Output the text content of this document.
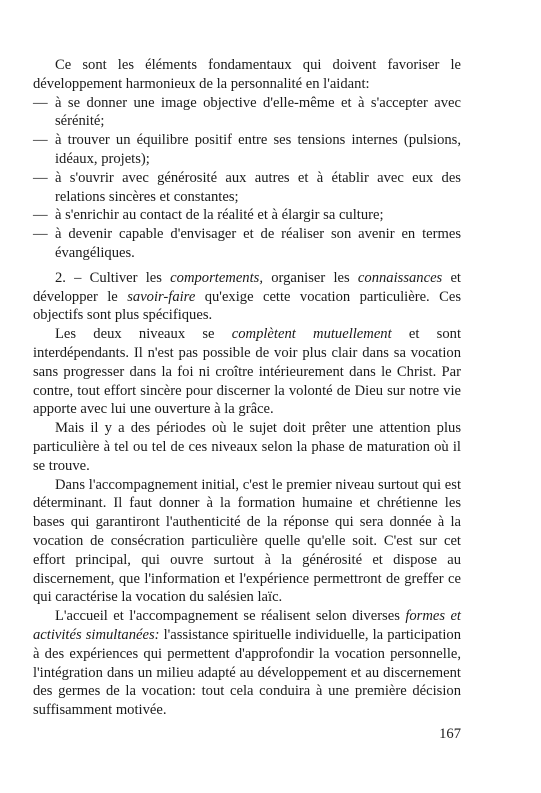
Ce sont les éléments fondamentaux qui doivent favoriser le développement harmonieux de la personnalité en l'aidant:

— à se donner une image objective d'elle-même et à s'accepter avec sérénité;
— à trouver un équilibre positif entre ses tensions internes (pulsions, idéaux, projets);
— à s'ouvrir avec générosité aux autres et à établir avec eux des relations sincères et constantes;
— à s'enrichir au contact de la réalité et à élargir sa culture;
— à devenir capable d'envisager et de réaliser son avenir en termes évangéliques.

2. – Cultiver les comportements, organiser les connaissances et développer le savoir-faire qu'exige cette vocation particulière. Ces objectifs sont plus spécifiques.

Les deux niveaux se complètent mutuellement et sont interdépendants. Il n'est pas possible de voir plus clair dans sa vocation sans progresser dans la foi ni croître intérieurement dans le Christ. Par contre, tout effort sincère pour discerner la volonté de Dieu sur notre vie apporte avec lui une ouverture à la grâce.

Mais il y a des périodes où le sujet doit prêter une attention plus particulière à tel ou tel de ces niveaux selon la phase de maturation où il se trouve.

Dans l'accompagnement initial, c'est le premier niveau surtout qui est déterminant. Il faut donner à la formation humaine et chrétienne les bases qui garantiront l'authenticité de la réponse qui sera donnée à la vocation de consécration particulière quelle qu'elle soit. C'est sur cet effort principal, qui ouvre surtout à la générosité et dispose au discernement, que l'information et l'expérience permettront de greffer ce qui caractérise la vocation du salésien laïc.

L'accueil et l'accompagnement se réalisent selon diverses formes et activités simultanées: l'assistance spirituelle individuelle, la participation à des expériences qui permettent d'approfondir la vocation personnelle, l'intégration dans un milieu adapté au développement et au discernement des germes de la vocation: tout cela conduira à une première décision suffisamment motivée.

167
